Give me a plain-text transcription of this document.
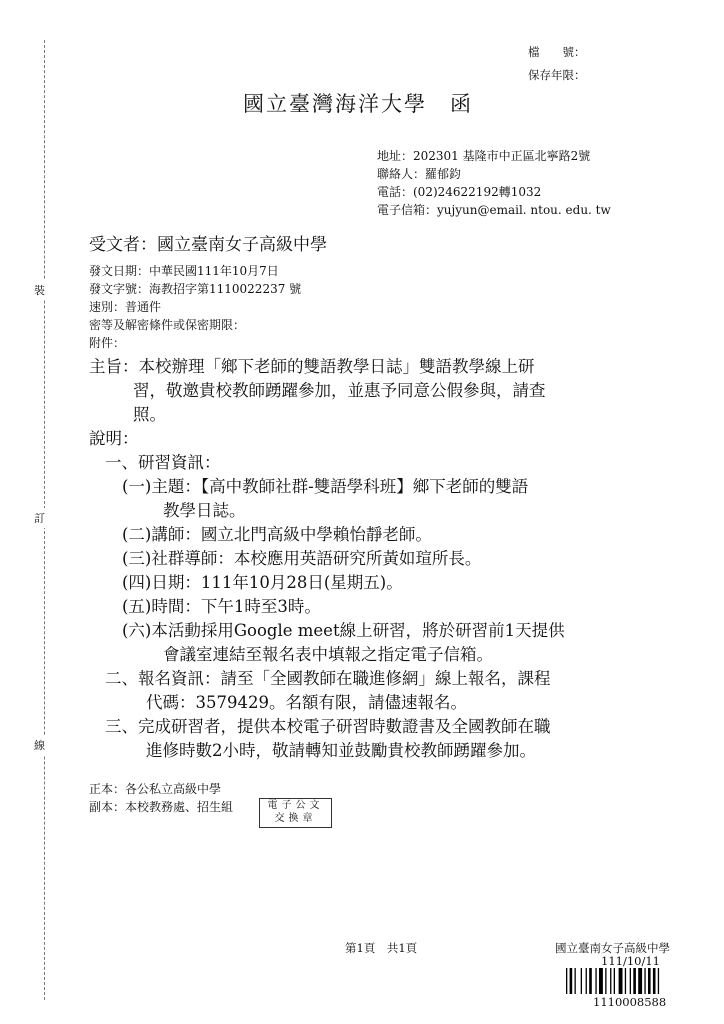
裝
訂
線
檔　　號：
保存年限：
國立臺灣海洋大學　函
地址：202301 基隆市中正區北寧路2號
聯絡人：羅郁鈞
電話：(02)24622192轉1032
電子信箱：yujyun@email. ntou. edu. tw
受文者：國立臺南女子高級中學
發文日期：中華民國111年10月7日
發文字號：海教招字第1110022237 號
速別：普通件
密等及解密條件或保密期限：
附件：
主旨：本校辦理「鄉下老師的雙語教學日誌」雙語教學線上研
習，敬邀貴校教師踴躍參加，並惠予同意公假參與，請查
照。
說明：
一、研習資訊：
(一)主題：【高中教師社群-雙語學科班】鄉下老師的雙語
教學日誌。
(二)講師：國立北門高級中學賴怡靜老師。
(三)社群導師：本校應用英語研究所黃如瑄所長。
(四)日期：111年10月28日(星期五)。
(五)時間：下午1時至3時。
(六)本活動採用Google meet線上研習，將於研習前1天提供
會議室連結至報名表中填報之指定電子信箱。
二、報名資訊：請至「全國教師在職進修網」線上報名，課程
代碼：3579429。名額有限，請儘速報名。
三、完成研習者，提供本校電子研習時數證書及全國教師在職
進修時數2小時，敬請轉知並鼓勵貴校教師踴躍參加。
正本：各公私立高級中學
副本：本校教務處、招生組	電子公文
交換章
第1頁　共1頁	國立臺南女子高級中學
111/10/11
1110008588
